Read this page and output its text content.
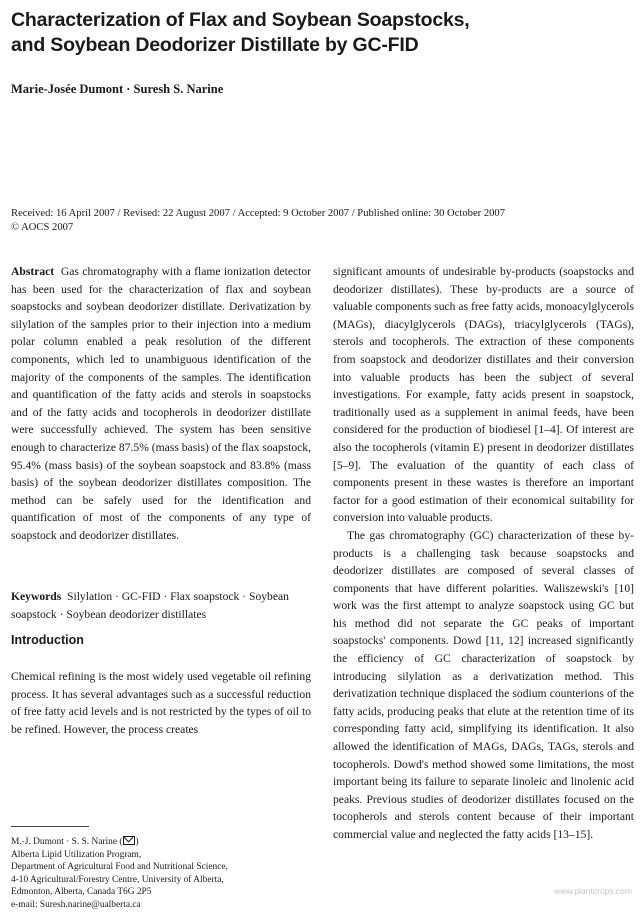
Characterization of Flax and Soybean Soapstocks,
and Soybean Deodorizer Distillate by GC-FID
Marie-Josée Dumont · Suresh S. Narine
Received: 16 April 2007 / Revised: 22 August 2007 / Accepted: 9 October 2007 / Published online: 30 October 2007
© AOCS 2007

Abstract Gas chromatography with a flame ionization detector has been used for the characterization of flax and soybean soapstocks and soybean deodorizer distillate. Derivatization by silylation of the samples prior to their injection into a medium polar column enabled a peak resolution of the different components, which led to unambiguous identification of the majority of the components of the samples. The identification and quantification of the fatty acids and sterols in soapstocks and of the fatty acids and tocopherols in deodorizer distillate were successfully achieved. The system has been sensitive enough to characterize 87.5% (mass basis) of the flax soapstock, 95.4% (mass basis) of the soybean soapstock and 83.8% (mass basis) of the soybean deodorizer distillates composition. The method can be safely used for the identification and quantification of most of the components of any type of soapstock and deodorizer distillates.

Keywords Silylation · GC-FID · Flax soapstock · Soybean soapstock · Soybean deodorizer distillates
Introduction
Chemical refining is the most widely used vegetable oil refining process. It has several advantages such as a successful reduction of free fatty acid levels and is not restricted by the types of oil to be refined. However, the process creates
M.-J. Dumont · S. S. Narine ( )
Alberta Lipid Utilization Program,
Department of Agricultural Food and Nutritional Science,
4-10 Agricultural/Forestry Centre, University of Alberta,
Edmonton, Alberta, Canada T6G 2P5
e-mail: Suresh.narine@ualberta.ca

significant amounts of undesirable by-products (soapstocks and deodorizer distillates). These by-products are a source of valuable components such as free fatty acids, monoacylglycerols (MAGs), diacylglycerols (DAGs), triacylglycerols (TAGs), sterols and tocopherols. The extraction of these components from soapstock and deodorizer distillates and their conversion into valuable products has been the subject of several investigations. For example, fatty acids present in soapstock, traditionally used as a supplement in animal feeds, have been considered for the production of biodiesel [1–4]. Of interest are also the tocopherols (vitamin E) present in deodorizer distillates [5–9]. The evaluation of the quantity of each class of components present in these wastes is therefore an important factor for a good estimation of their economical suitability for conversion into valuable products.

The gas chromatography (GC) characterization of these by-products is a challenging task because soapstocks and deodorizer distillates are composed of several classes of components that have different polarities. Waliszewski's [10] work was the first attempt to analyze soapstock using GC but his method did not separate the GC peaks of important soapstocks' components. Dowd [11, 12] increased significantly the efficiency of GC characterization of soapstock by introducing silylation as a derivatization method. This derivatization technique displaced the sodium counterions of the fatty acids, producing peaks that elute at the retention time of its corresponding fatty acid, simplifying its identification. It also allowed the identification of MAGs, DAGs, TAGs, sterols and tocopherols. Dowd's method showed some limitations, the most important being its failure to separate linoleic and linolenic acid peaks. Previous studies of deodorizer distillates focused on the tocopherols and sterols content because of their important commercial value and neglected the fatty acids [13–15].

www.plantcrops.com
